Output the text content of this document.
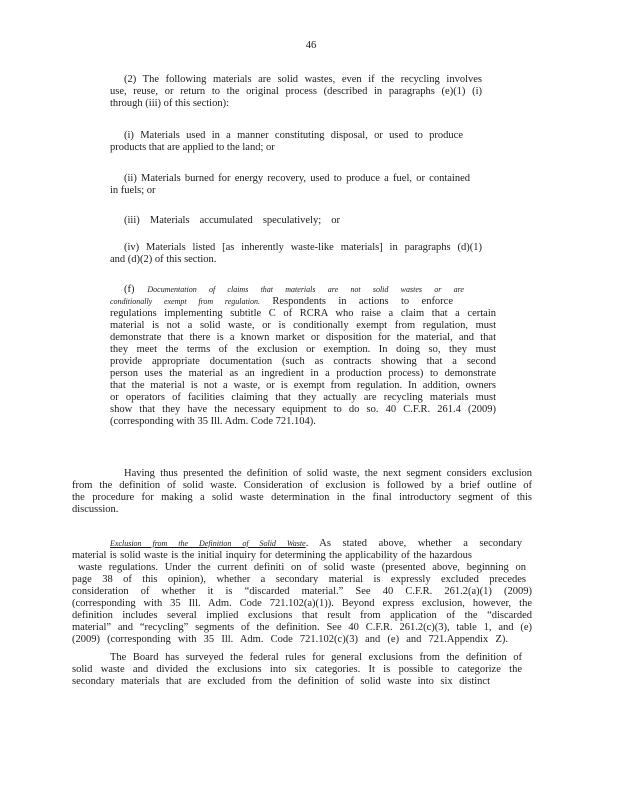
46
(2) The following materials are solid wastes, even if the recycling involves
use, reuse, or return to the original process (described in paragraphs (e)(1) (i)
through (iii) of this section):
(i) Materials used in a manner constituting disposal, or used to produce
products that are applied to the land; or
(ii) Materials burned for energy recovery, used to produce a fuel, or contained
in fuels; or
(iii) Materials accumulated speculatively; or
(iv) Materials listed [as inherently waste-like materials] in paragraphs (d)(1)
and (d)(2) of this section.
(f) Documentation of claims that materials are not solid wastes or are
conditionally exempt from regulation. Respondents in actions to enforce
regulations implementing subtitle C of RCRA who raise a claim that a certain
material is not a solid waste, or is conditionally exempt from regulation, must
demonstrate that there is a known market or disposition for the material, and that
they meet the terms of the exclusion or exemption. In doing so, they must
provide appropriate documentation (such as contracts showing that a second
person uses the material as an ingredient in a production process) to demonstrate
that the material is not a waste, or is exempt from regulation. In addition, owners
or operators of facilities claiming that they actually are recycling materials must
show that they have the necessary equipment to do so. 40 C.F.R. 261.4 (2009)
(corresponding with 35 Ill. Adm. Code 721.104).
Having thus presented the definition of solid waste, the next segment considers exclusion
from the definition of solid waste. Consideration of exclusion is followed by a brief outline of
the procedure for making a solid waste determination in the final introductory segment of this
discussion.
Exclusion from the Definition of Solid Waste. As stated above, whether a secondary
material is solid waste is the initial inquiry for determining the applicability of the hazardous
waste regulations. Under the current definiti on of solid waste (presented above, beginning on
page 38 of this opinion), whether a secondary material is expressly excluded precedes
consideration of whether it is “discarded material.” See 40 C.F.R. 261.2(a)(1) (2009)
(corresponding with 35 Ill. Adm. Code 721.102(a)(1)). Beyond express exclusion, however, the
definition includes several implied exclusions that result from application of the “discarded
material” and “recycling” segments of the definition. See 40 C.F.R. 261.2(c)(3), table 1, and (e)
(2009) (corresponding with 35 Ill. Adm. Code 721.102(c)(3) and (e) and 721.Appendix Z).
The Board has surveyed the federal rules for general exclusions from the definition of
solid waste and divided the exclusions into six categories. It is possible to categorize the
secondary materials that are excluded from the definition of solid waste into six distinct
